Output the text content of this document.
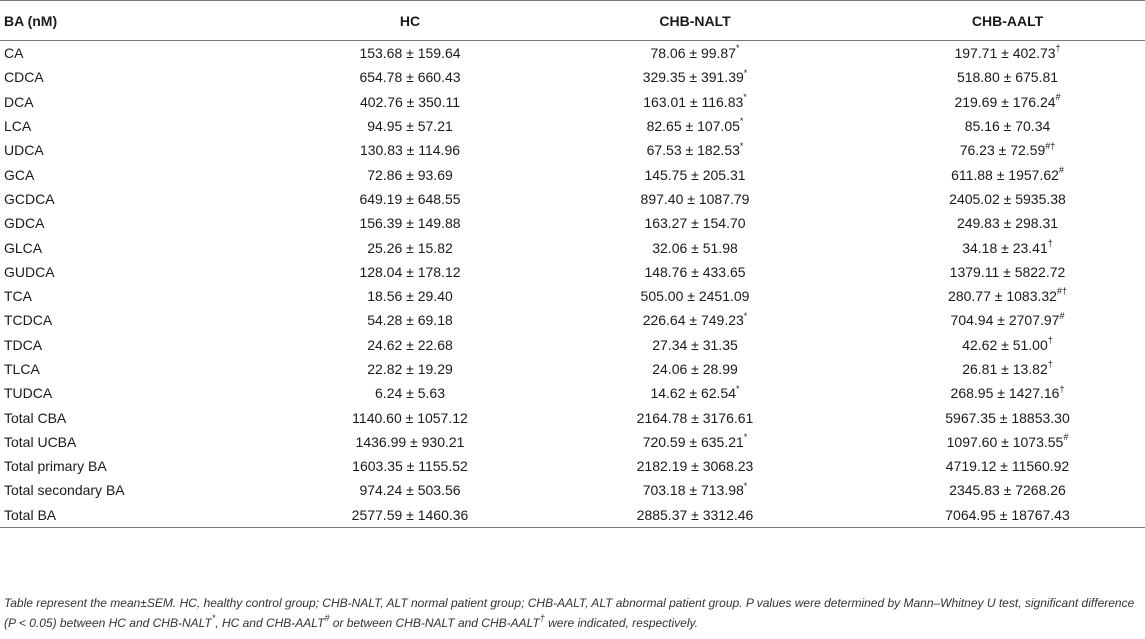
BA (nM)	HC	CHB-NALT	CHB-AALT
CA	153.68 ± 159.64	78.06 ± 99.87*	197.71 ± 402.73†
CDCA	654.78 ± 660.43	329.35 ± 391.39*	518.80 ± 675.81
DCA	402.76 ± 350.11	163.01 ± 116.83*	219.69 ± 176.24#
LCA	94.95 ± 57.21	82.65 ± 107.05*	85.16 ± 70.34
UDCA	130.83 ± 114.96	67.53 ± 182.53*	76.23 ± 72.59#†
GCA	72.86 ± 93.69	145.75 ± 205.31	611.88 ± 1957.62#
GCDCA	649.19 ± 648.55	897.40 ± 1087.79	2405.02 ± 5935.38
GDCA	156.39 ± 149.88	163.27 ± 154.70	249.83 ± 298.31
GLCA	25.26 ± 15.82	32.06 ± 51.98	34.18 ± 23.41†
GUDCA	128.04 ± 178.12	148.76 ± 433.65	1379.11 ± 5822.72
TCA	18.56 ± 29.40	505.00 ± 2451.09	280.77 ± 1083.32#†
TCDCA	54.28 ± 69.18	226.64 ± 749.23*	704.94 ± 2707.97#
TDCA	24.62 ± 22.68	27.34 ± 31.35	42.62 ± 51.00†
TLCA	22.82 ± 19.29	24.06 ± 28.99	26.81 ± 13.82†
TUDCA	6.24 ± 5.63	14.62 ± 62.54*	268.95 ± 1427.16†
Total CBA	1140.60 ± 1057.12	2164.78 ± 3176.61	5967.35 ± 18853.30
Total UCBA	1436.99 ± 930.21	720.59 ± 635.21*	1097.60 ± 1073.55#
Total primary BA	1603.35 ± 1155.52	2182.19 ± 3068.23	4719.12 ± 11560.92
Total secondary BA	974.24 ± 503.56	703.18 ± 713.98*	2345.83 ± 7268.26
Total BA	2577.59 ± 1460.36	2885.37 ± 3312.46	7064.95 ± 18767.43
Table represent the mean±SEM. HC, healthy control group; CHB-NALT, ALT normal patient group; CHB-AALT, ALT abnormal patient group. P values were determined by Mann–Whitney U test, significant difference (P < 0.05) between HC and CHB-NALT*, HC and CHB-AALT# or between CHB-NALT and CHB-AALT† were indicated, respectively.
